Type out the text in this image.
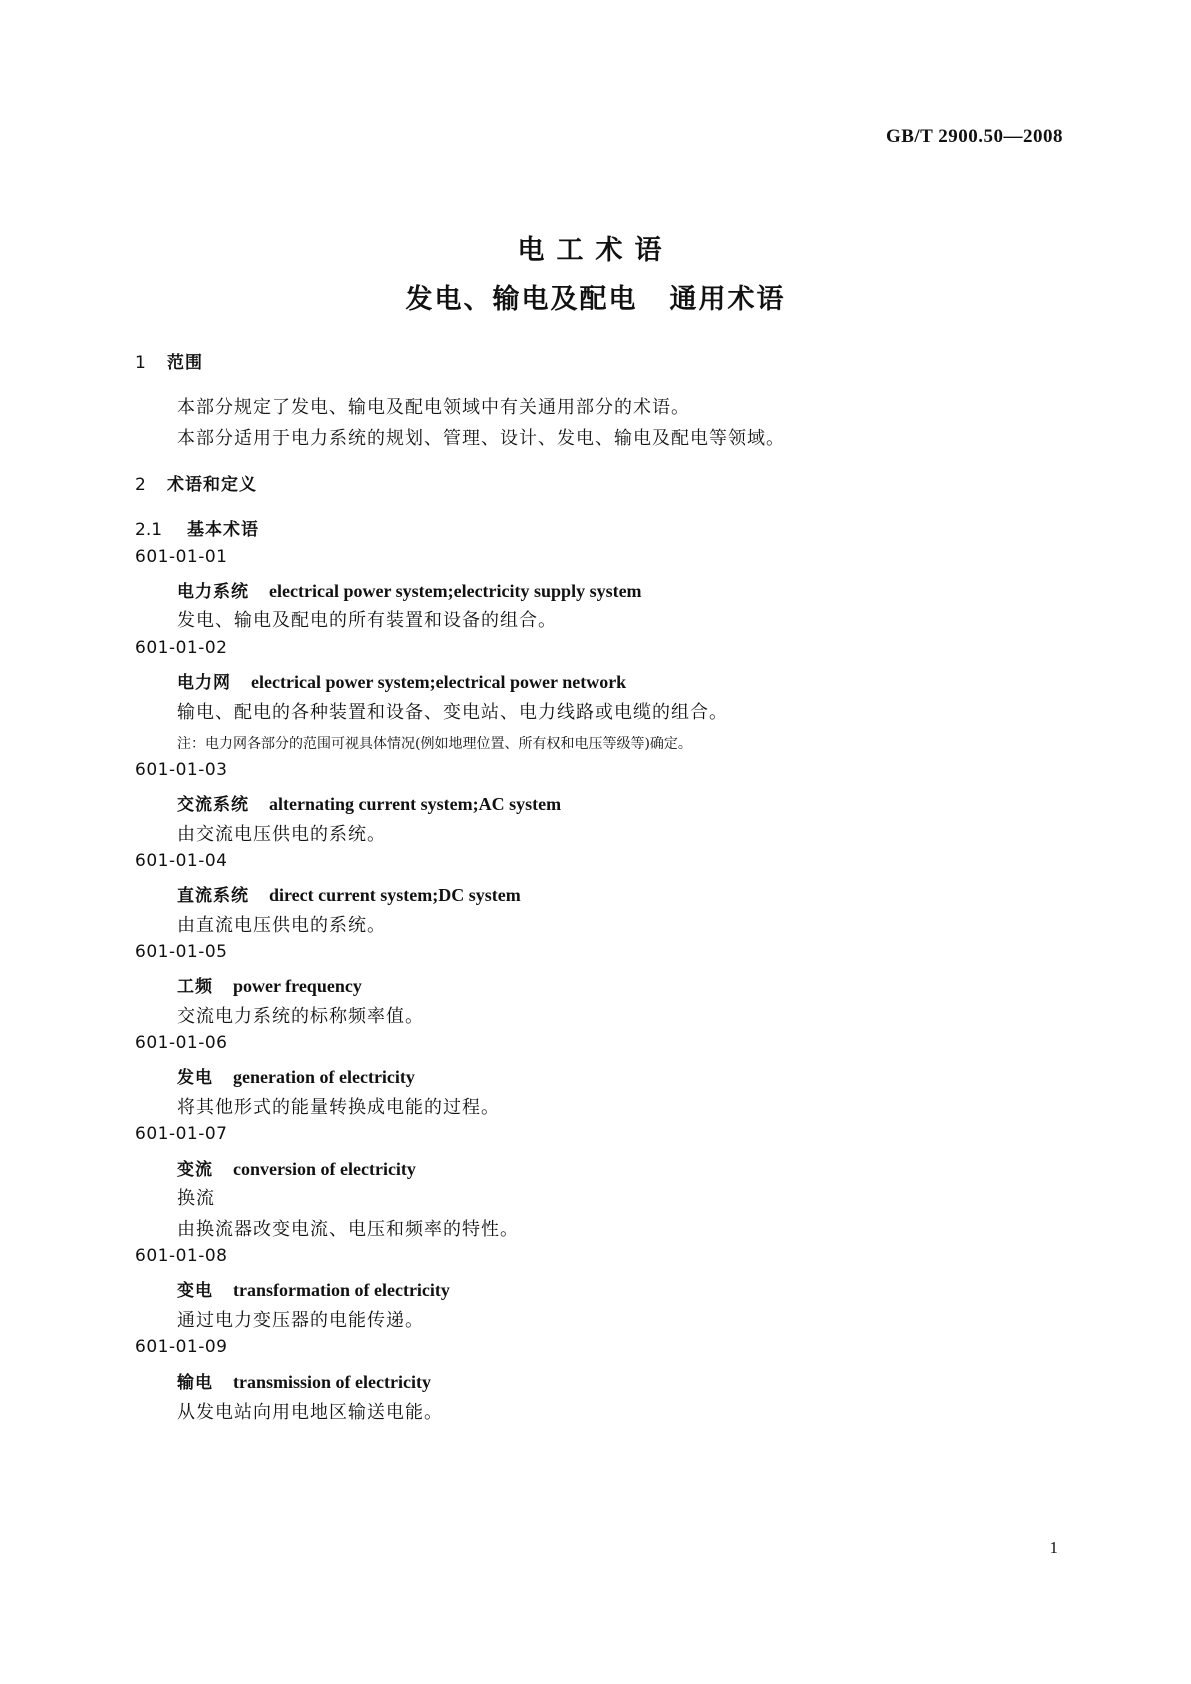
GB/T 2900.50—2008
电工术语
发电、输电及配电 通用术语
1 范围
本部分规定了发电、输电及配电领域中有关通用部分的术语。
本部分适用于电力系统的规划、管理、设计、发电、输电及配电等领域。
2 术语和定义
2.1 基本术语
601-01-01
电力系统 electrical power system;electricity supply system
发电、输电及配电的所有装置和设备的组合。
601-01-02
电力网 electrical power system;electrical power network
输电、配电的各种装置和设备、变电站、电力线路或电缆的组合。
注：电力网各部分的范围可视具体情况(例如地理位置、所有权和电压等级等)确定。
601-01-03
交流系统 alternating current system;AC system
由交流电压供电的系统。
601-01-04
直流系统 direct current system;DC system
由直流电压供电的系统。
601-01-05
工频 power frequency
交流电力系统的标称频率值。
601-01-06
发电 generation of electricity
将其他形式的能量转换成电能的过程。
601-01-07
变流 conversion of electricity
换流
由换流器改变电流、电压和频率的特性。
601-01-08
变电 transformation of electricity
通过电力变压器的电能传递。
601-01-09
输电 transmission of electricity
从发电站向用电地区输送电能。
1
